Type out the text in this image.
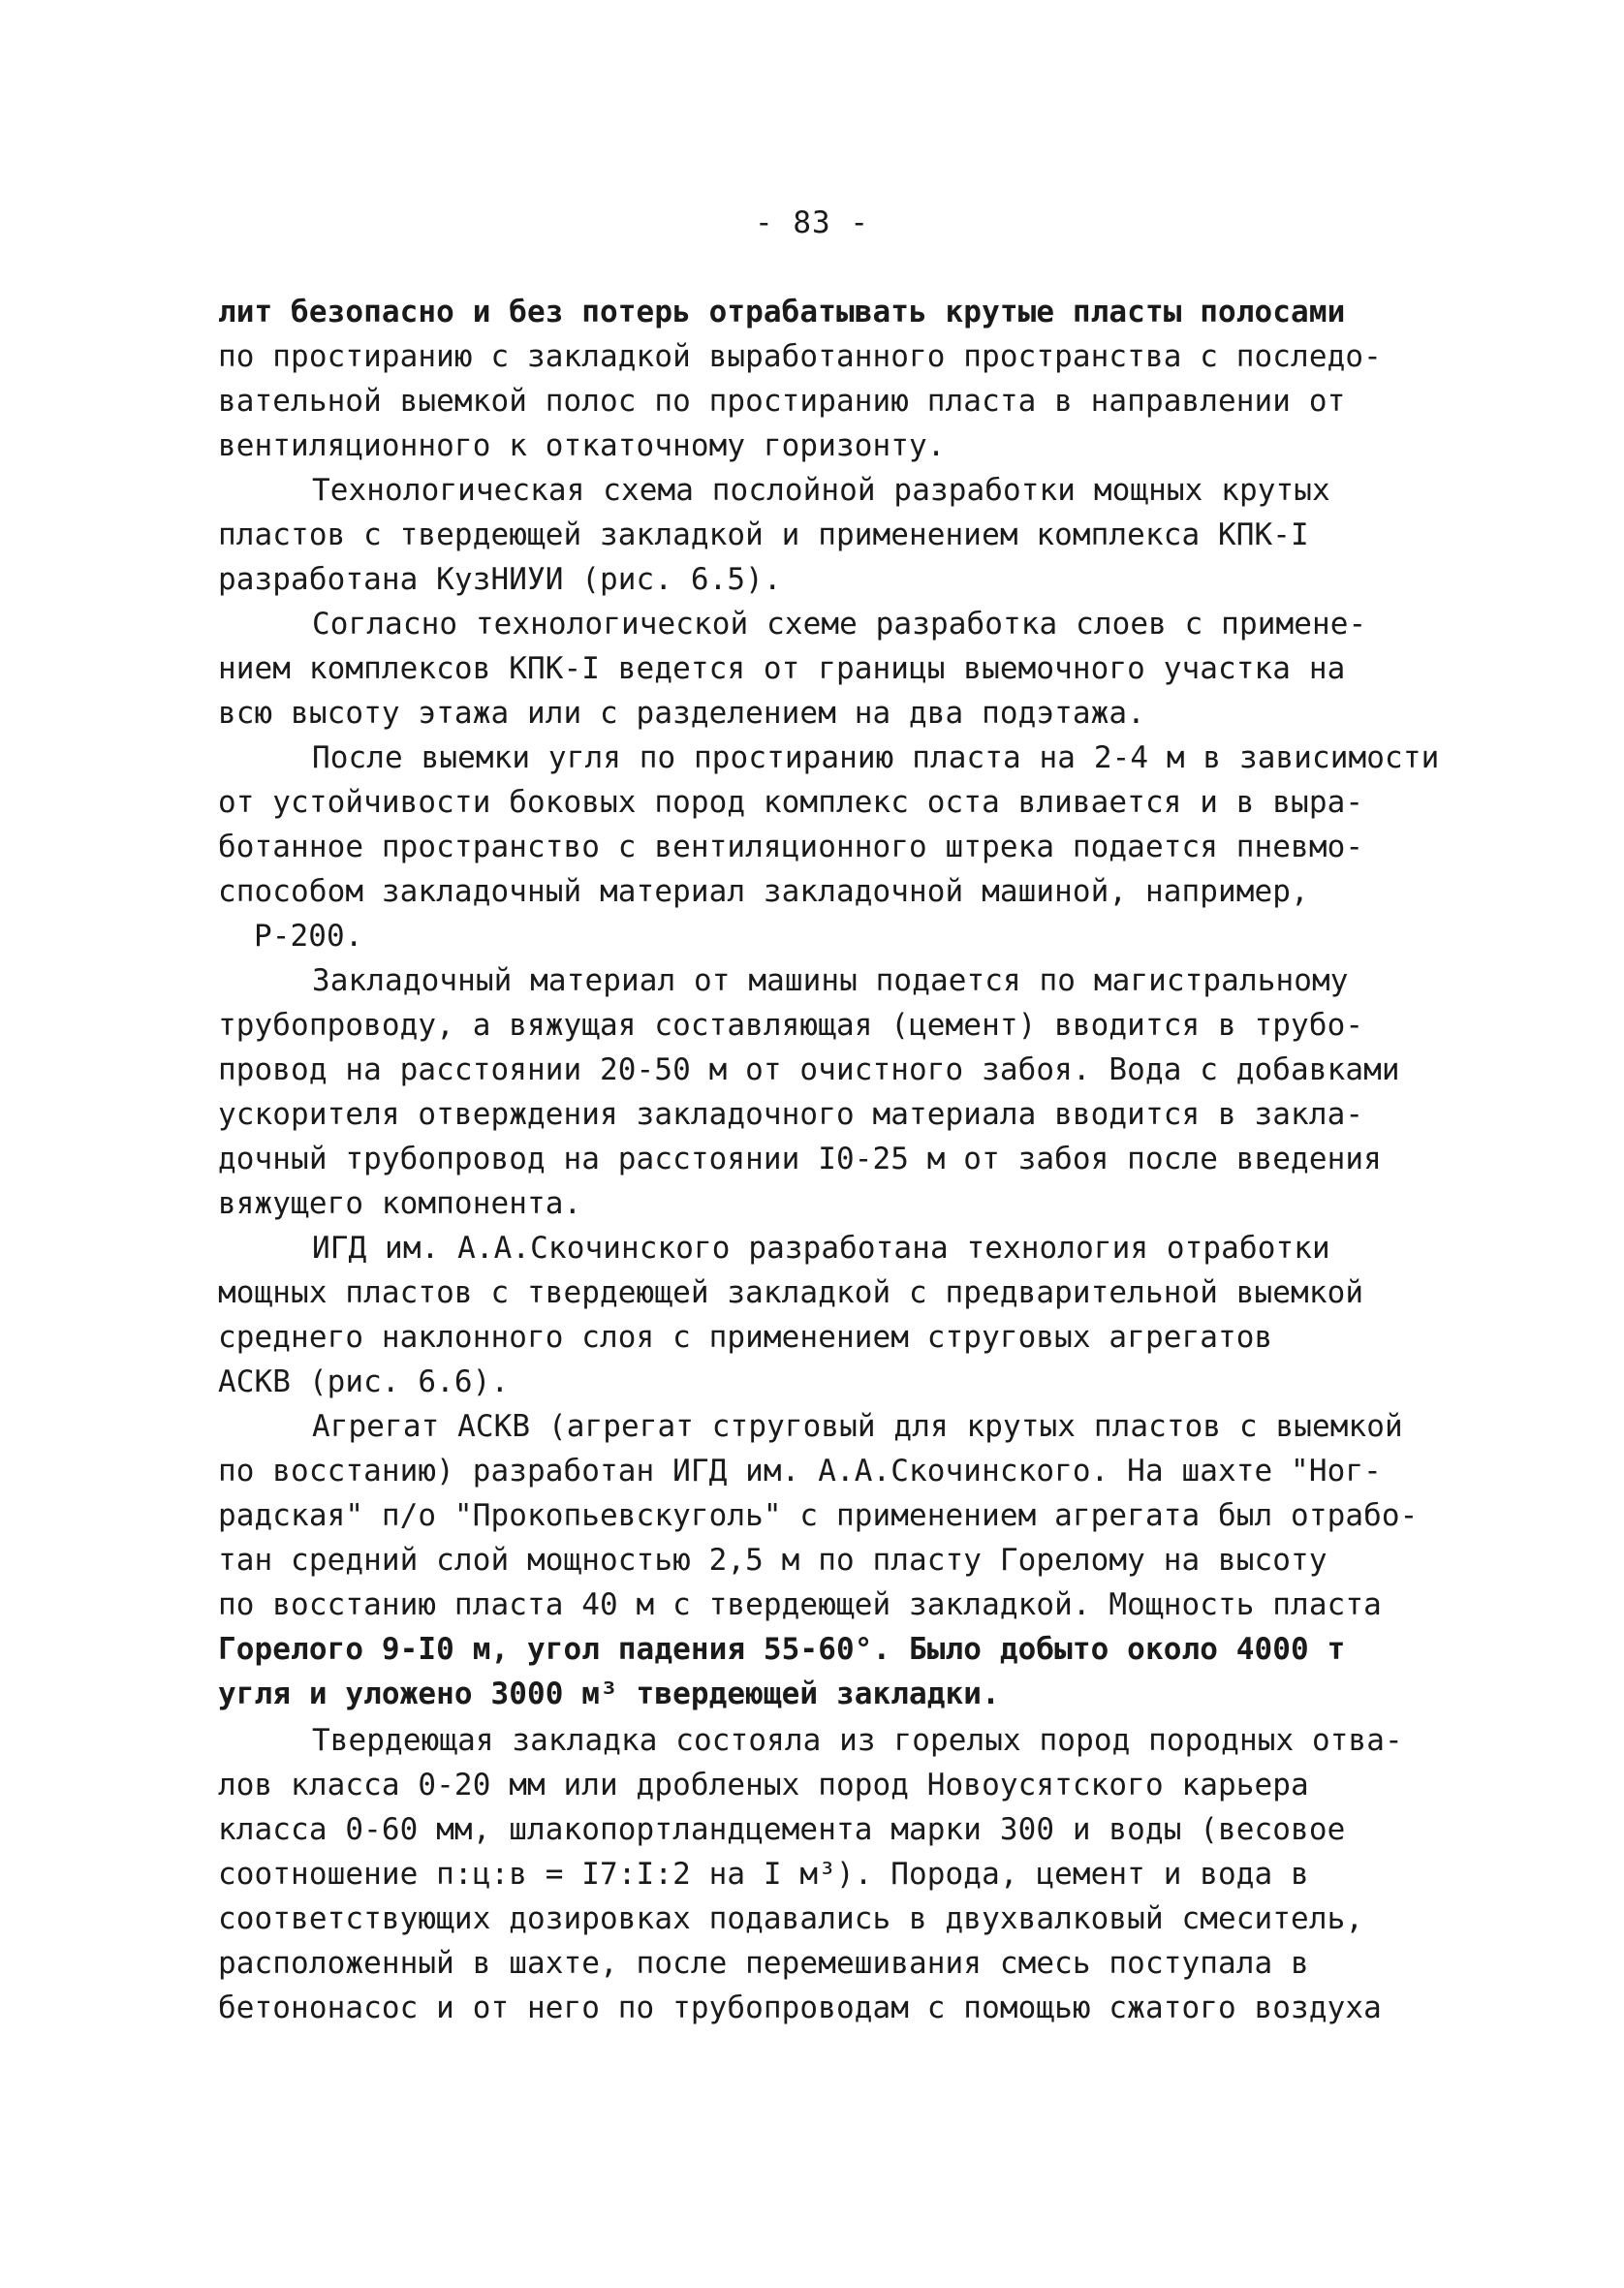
- 83 -
лит безопасно и без потерь отрабатывать крутые пласты полосами
по простиранию с закладкой выработанного пространства с последо-
вательной выемкой полос по простиранию пласта в направлении от
вентиляционного к откаточному горизонту.
Технологическая схема послойной разработки мощных крутых
пластов с твердеющей закладкой и применением комплекса КПК-I
разработана КузНИУИ (рис. 6.5).
Согласно технологической схеме разработка слоев с примене-
нием комплексов КПК-I ведется от границы выемочного участка на
всю высоту этажа или с разделением на два подэтажа.
После выемки угля по простиранию пласта на 2-4 м в зависимости
от устойчивости боковых пород комплекс оста вливается и в выра-
ботанное пространство с вентиляционного штрека подается пневмо-
способом закладочный материал закладочной машиной, например,
Р-200.
Закладочный материал от машины подается по магистральному
трубопроводу, а вяжущая составляющая (цемент) вводится в трубо-
провод на расстоянии 20-50 м от очистного забоя. Вода с добавками
ускорителя отверждения закладочного материала вводится в закла-
дочный трубопровод на расстоянии I0-25 м от забоя после введения
вяжущего компонента.
ИГД им. А.А.Скочинского разработана технология отработки
мощных пластов с твердеющей закладкой с предварительной выемкой
среднего наклонного слоя с применением струговых агрегатов
АСКВ (рис. 6.6).
Агрегат АСКВ (агрегат струговый для крутых пластов с выемкой
по восстанию) разработан ИГД им. А.А.Скочинского. На шахте "Ног-
радская" п/о "Прокопьевскуголь" с применением агрегата был отрабо-
тан средний слой мощностью 2,5 м по пласту Горелому на высоту
по восстанию пласта 40 м с твердеющей закладкой. Мощность пласта
Горелого 9-I0 м, угол падения 55-60°. Было добыто около 4000 т
угля и уложено 3000 м³ твердеющей закладки.
Твердеющая закладка состояла из горелых пород породных отва-
лов класса 0-20 мм или дробленых пород Новоусятского карьера
класса 0-60 мм, шлакопортландцемента марки 300 и воды (весовое
соотношение п:ц:в = I7:I:2 на I м³). Порода, цемент и вода в
соответствующих дозировках подавались в двухвалковый смеситель,
расположенный в шахте, после перемешивания смесь поступала в
бетононасос и от него по трубопроводам с помощью сжатого воздуха
